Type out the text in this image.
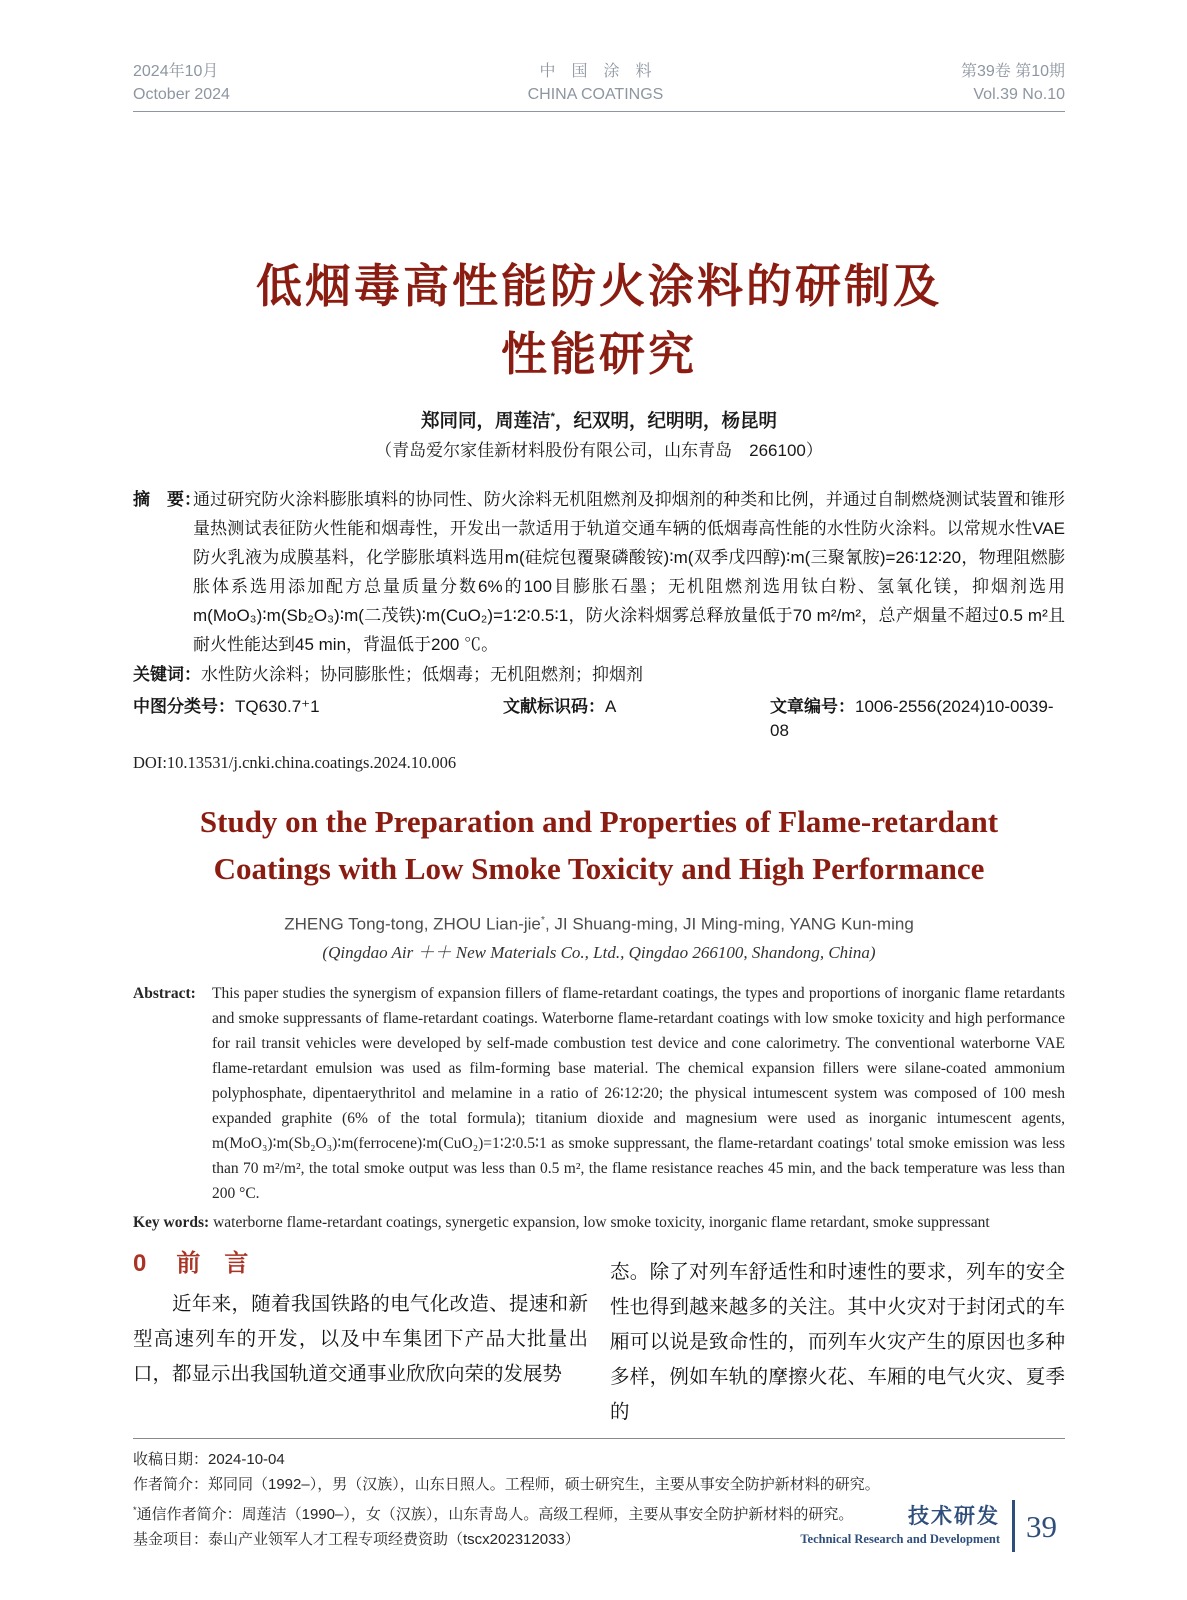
2024年10月
October 2024
中　国　涂　料
CHINA COATINGS
第39卷 第10期
Vol.39 No.10
低烟毒高性能防火涂料的研制及
性能研究
郑同同，周莲洁*，纪双明，纪明明，杨昆明
（青岛爱尔家佳新材料股份有限公司，山东青岛　266100）
摘　要：
通过研究防火涂料膨胀填料的协同性、防火涂料无机阻燃剂及抑烟剂的种类和比例，并通过自制燃烧测试装置和锥形量热测试表征防火性能和烟毒性，开发出一款适用于轨道交通车辆的低烟毒高性能的水性防火涂料。以常规水性VAE防火乳液为成膜基料，化学膨胀填料选用m(硅烷包覆聚磷酸铵)∶m(双季戊四醇)∶m(三聚氰胺)=26∶12∶20，物理阻燃膨胀体系选用添加配方总量质量分数6%的100目膨胀石墨；无机阻燃剂选用钛白粉、氢氧化镁，抑烟剂选用m(MoO₃)∶m(Sb₂O₃)∶m(二茂铁)∶m(CuO₂)=1∶2∶0.5∶1，防火涂料烟雾总释放量低于70 m²/m²，总产烟量不超过0.5 m²且耐火性能达到45 min，背温低于200 ℃。
关键词：水性防火涂料；协同膨胀性；低烟毒；无机阻燃剂；抑烟剂
中图分类号：TQ630.7⁺1	文献标识码：A	文章编号：1006-2556(2024)10-0039-08
DOI:10.13531/j.cnki.china.coatings.2024.10.006
Study on the Preparation and Properties of Flame-retardant
Coatings with Low Smoke Toxicity and High Performance
ZHENG Tong-tong, ZHOU Lian-jie*, JI Shuang-ming, JI Ming-ming, YANG Kun-ming
(Qingdao Air ＋＋ New Materials Co., Ltd., Qingdao 266100, Shandong, China)
Abstract: This paper studies the synergism of expansion fillers of flame-retardant coatings, the types and proportions of inorganic flame retardants and smoke suppressants of flame-retardant coatings. Waterborne flame-retardant coatings with low smoke toxicity and high performance for rail transit vehicles were developed by self-made combustion test device and cone calorimetry. The conventional waterborne VAE flame-retardant emulsion was used as film-forming base material. The chemical expansion fillers were silane-coated ammonium polyphosphate, dipentaerythritol and melamine in a ratio of 26∶12∶20; the physical intumescent system was composed of 100 mesh expanded graphite (6% of the total formula); titanium dioxide and magnesium were used as inorganic intumescent agents, m(MoO₃)∶m(Sb₂O₃)∶m(ferrocene)∶m(CuO₂)=1∶2∶0.5∶1 as smoke suppressant, the flame-retardant coatings' total smoke emission was less than 70 m²/m², the total smoke output was less than 0.5 m², the flame resistance reaches 45 min, and the back temperature was less than 200 °C.
Key words: waterborne flame-retardant coatings, synergetic expansion, low smoke toxicity, inorganic flame retardant, smoke suppressant
0 前　言

近年来，随着我国铁路的电气化改造、提速和新型高速列车的开发，以及中车集团下产品大批量出口，都显示出我国轨道交通事业欣欣向荣的发展势

态。除了对列车舒适性和时速性的要求，列车的安全性也得到越来越多的关注。其中火灾对于封闭式的车厢可以说是致命性的，而列车火灾产生的原因也多种多样，例如车轨的摩擦火花、车厢的电气火灾、夏季的

收稿日期：2024-10-04
作者简介：郑同同（1992–），男（汉族），山东日照人。工程师，硕士研究生，主要从事安全防护新材料的研究。
*通信作者简介：周莲洁（1990–），女（汉族），山东青岛人。高级工程师，主要从事安全防护新材料的研究。
基金项目：泰山产业领军人才工程专项经费资助（tscx202312033）
技术研发
Technical Research and Development 39
